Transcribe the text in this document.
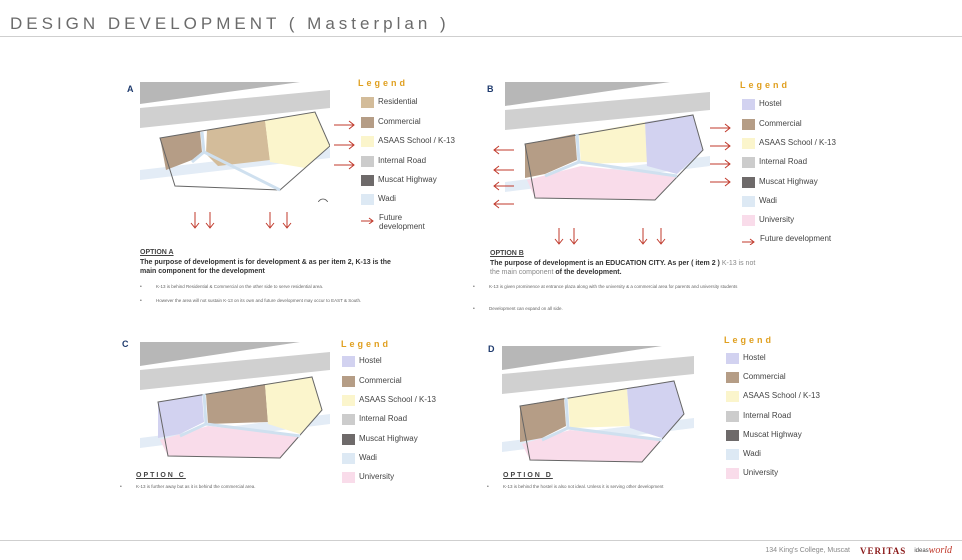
DESIGN DEVELOPMENT ( Masterplan )
A
Legend
Residential
Commercial
ASAAS School / K-13
Internal Road
Muscat Highway
Wadi
Future development
OPTION A
The purpose of development is for development & as per item 2, K-13 is the main component for the development
• K-13 is behind Residential & Commercial on the other side to serve residential area.
• However the area will not sustain K-13 on its own and future development may occur to EAST & South.
B	Legend
Hostel
Commercial
ASAAS School / K-13
Internal Road
Muscat Highway
Wadi
University
Future development
OPTION B
The purpose of development is an EDUCATION CITY. As per ( item 2 ) K-13 is not the main component of the development.
• K-13 is given prominence at entrance plaza along with the university & a commercial area for parents and university students
• Development can expand on all side.
C	Legend
Hostel
Commercial
ASAAS School / K-13
Internal Road
Muscat Highway
Wadi
University
OPTION C
• K-13 is further away but as it is behind the commercial area.
D
Legend
Hostel
Commercial
ASAAS School / K-13
Internal Road
Muscat Highway
Wadi
University
OPTION D
• K-13 is behind the hostel is also not ideal. Unless it is serving other development
134 King's College, Muscat VERITAS ideas world
